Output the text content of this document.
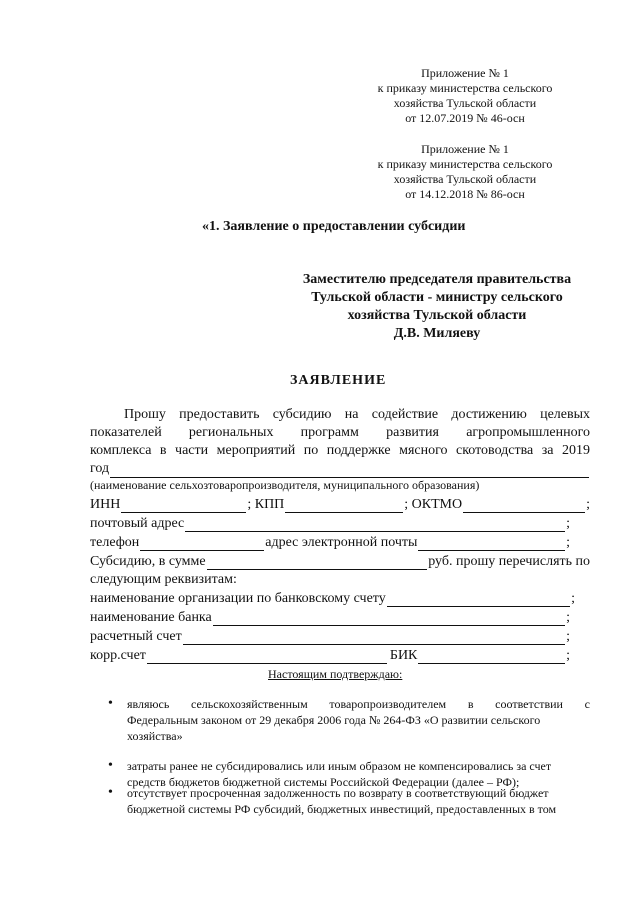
Приложение № 1
к приказу министерства сельского
хозяйства Тульской области
от 12.07.2019 № 46-осн
Приложение № 1
к приказу министерства сельского
хозяйства Тульской области
от 14.12.2018 № 86-осн
«1. Заявление о предоставлении субсидии
Заместителю председателя правительства
Тульской области - министру сельского
хозяйства Тульской области
Д.В. Миляеву
ЗАЯВЛЕНИЕ
Прошу предоставить субсидию на содействие достижению целевых
показателей региональных программ развития агропромышленного
комплекса в части мероприятий по поддержке мясного скотоводства за 2019
год
(наименование сельхозтоваропроизводителя, муниципального образования)
ИНН	; КПП	; ОКТМО	;
почтовый адрес	;
телефон	адрес электронной почты	;
Субсидию, в сумме	руб. прошу перечислять по
следующим реквизитам:
наименование организации по банковскому счету	;
наименование банка	;
расчетный счет	;
корр.счет	БИК	;
Настоящим подтверждаю:
• являюсь сельскохозяйственным товаропроизводителем в соответствии с
Федеральным законом от 29 декабря 2006 года № 264-ФЗ «О развитии сельского
хозяйства»
• затраты ранее не субсидировались или иным образом не компенсировались за счет
средств бюджетов бюджетной системы Российской Федерации (далее – РФ);
• отсутствует просроченная задолженность по возврату в соответствующий бюджет
бюджетной системы РФ субсидий, бюджетных инвестиций, предоставленных в том
